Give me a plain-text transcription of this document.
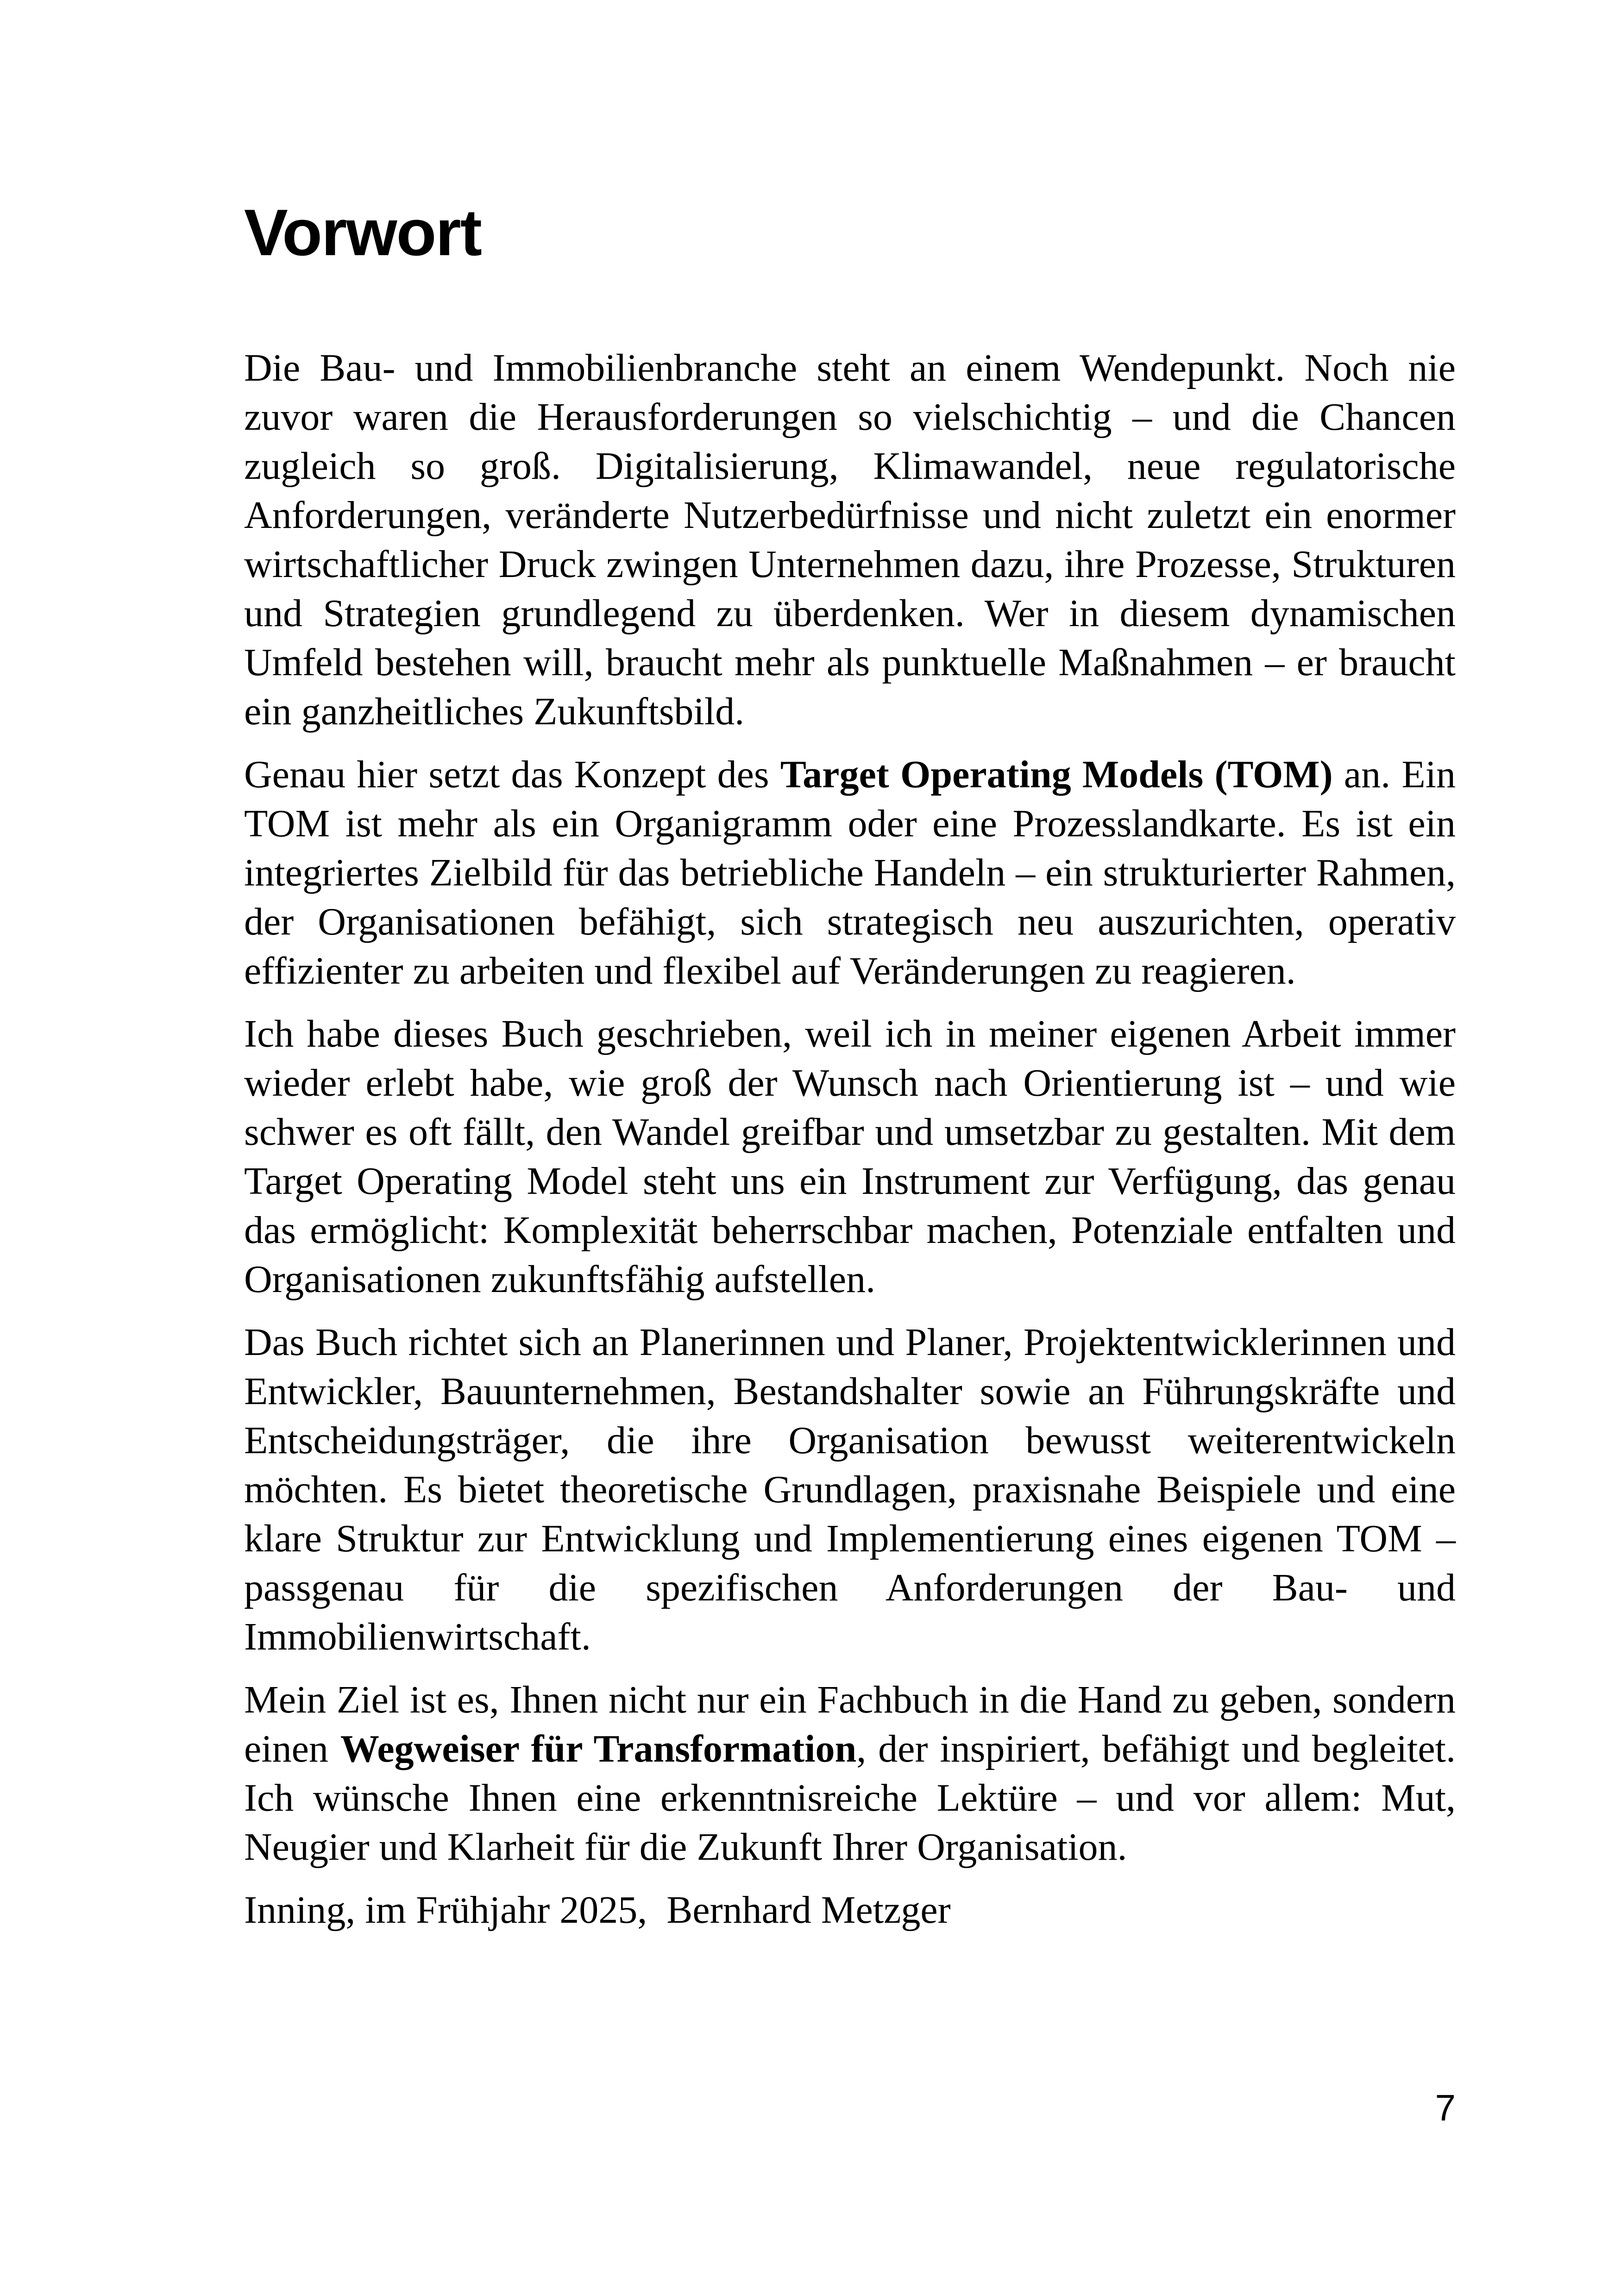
Vorwort

Die Bau- und Immobilienbranche steht an einem Wendepunkt. Noch nie zuvor waren die Herausforderungen so vielschichtig – und die Chancen zugleich so groß. Digitalisierung, Klimawandel, neue regulatorische Anforderungen, veränderte Nutzerbedürfnisse und nicht zuletzt ein enormer wirtschaftlicher Druck zwingen Unternehmen dazu, ihre Prozesse, Strukturen und Strategien grundlegend zu überdenken. Wer in diesem dynamischen Umfeld bestehen will, braucht mehr als punktuelle Maßnahmen – er braucht ein ganzheitliches Zukunftsbild.

Genau hier setzt das Konzept des Target Operating Models (TOM) an. Ein TOM ist mehr als ein Organigramm oder eine Prozesslandkarte. Es ist ein integriertes Zielbild für das betriebliche Handeln – ein strukturierter Rahmen, der Organisationen befähigt, sich strategisch neu auszurichten, operativ effizienter zu arbeiten und flexibel auf Veränderungen zu reagieren.

Ich habe dieses Buch geschrieben, weil ich in meiner eigenen Arbeit immer wieder erlebt habe, wie groß der Wunsch nach Orientierung ist – und wie schwer es oft fällt, den Wandel greifbar und umsetzbar zu gestalten. Mit dem Target Operating Model steht uns ein Instrument zur Verfügung, das genau das ermöglicht: Komplexität beherrschbar machen, Potenziale entfalten und Organisationen zukunftsfähig aufstellen.

Das Buch richtet sich an Planerinnen und Planer, Projektentwicklerinnen und Entwickler, Bauunternehmen, Bestandshalter sowie an Führungskräfte und Entscheidungsträger, die ihre Organisation bewusst weiterentwickeln möchten. Es bietet theoretische Grundlagen, praxisnahe Beispiele und eine klare Struktur zur Entwicklung und Implementierung eines eigenen TOM – passgenau für die spezifischen Anforderungen der Bau- und Immobilienwirtschaft.

Mein Ziel ist es, Ihnen nicht nur ein Fachbuch in die Hand zu geben, sondern einen Wegweiser für Transformation, der inspiriert, befähigt und begleitet. Ich wünsche Ihnen eine erkenntnisreiche Lektüre – und vor allem: Mut, Neugier und Klarheit für die Zukunft Ihrer Organisation.

Inning, im Frühjahr 2025,  Bernhard Metzger

7
